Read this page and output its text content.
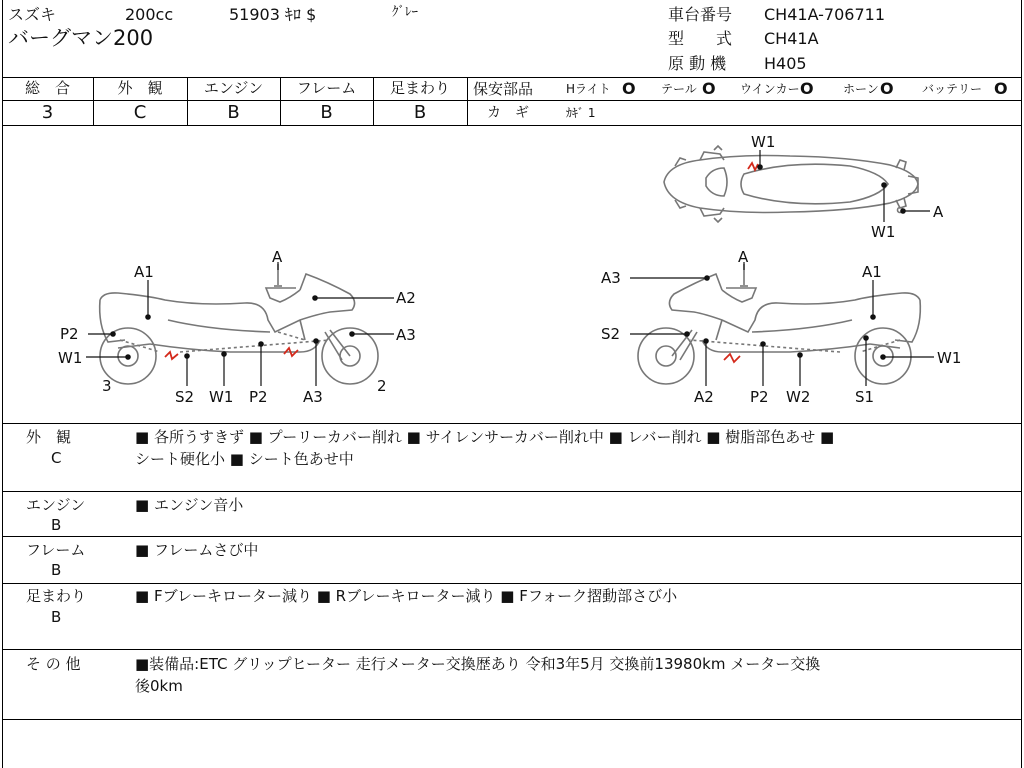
スズキ	200cc	51903 ｷﾛ $	ｸﾞﾚｰ
バーグマン200
車台番号 CH41A-706711
型　　式 CH41A
原 動 機 H405
総　合	外　観	エンジン	フレーム	足まわり
3	C	B	B	B
保安部品	Hライト O テール O ウインカー O ホーン O バッテリー O
カ　ギ	ｶｷﾞ 1
W1
A
W1
A
A1
A2
P2	A3
W1
3	2
S2 W1 P2 A3
A
A3	A1
S2
W1
A2 P2 W2	S1
外　観
C
■ 各所うすきず ■ プーリーカバー削れ ■ サイレンサーカバー削れ中 ■ レバー削れ ■ 樹脂部色あせ ■
シート硬化小 ■ シート色あせ中
エンジン
B
■ エンジン音小
フレーム
B
■ フレームさび中
足まわり
B
■ Fブレーキローター減り ■ Rブレーキローター減り ■ Fフォーク摺動部さび小
そ の 他	■装備品:ETC グリップヒーター 走行メーター交換歴あり 令和3年5月 交換前13980km メーター交換
後0km
